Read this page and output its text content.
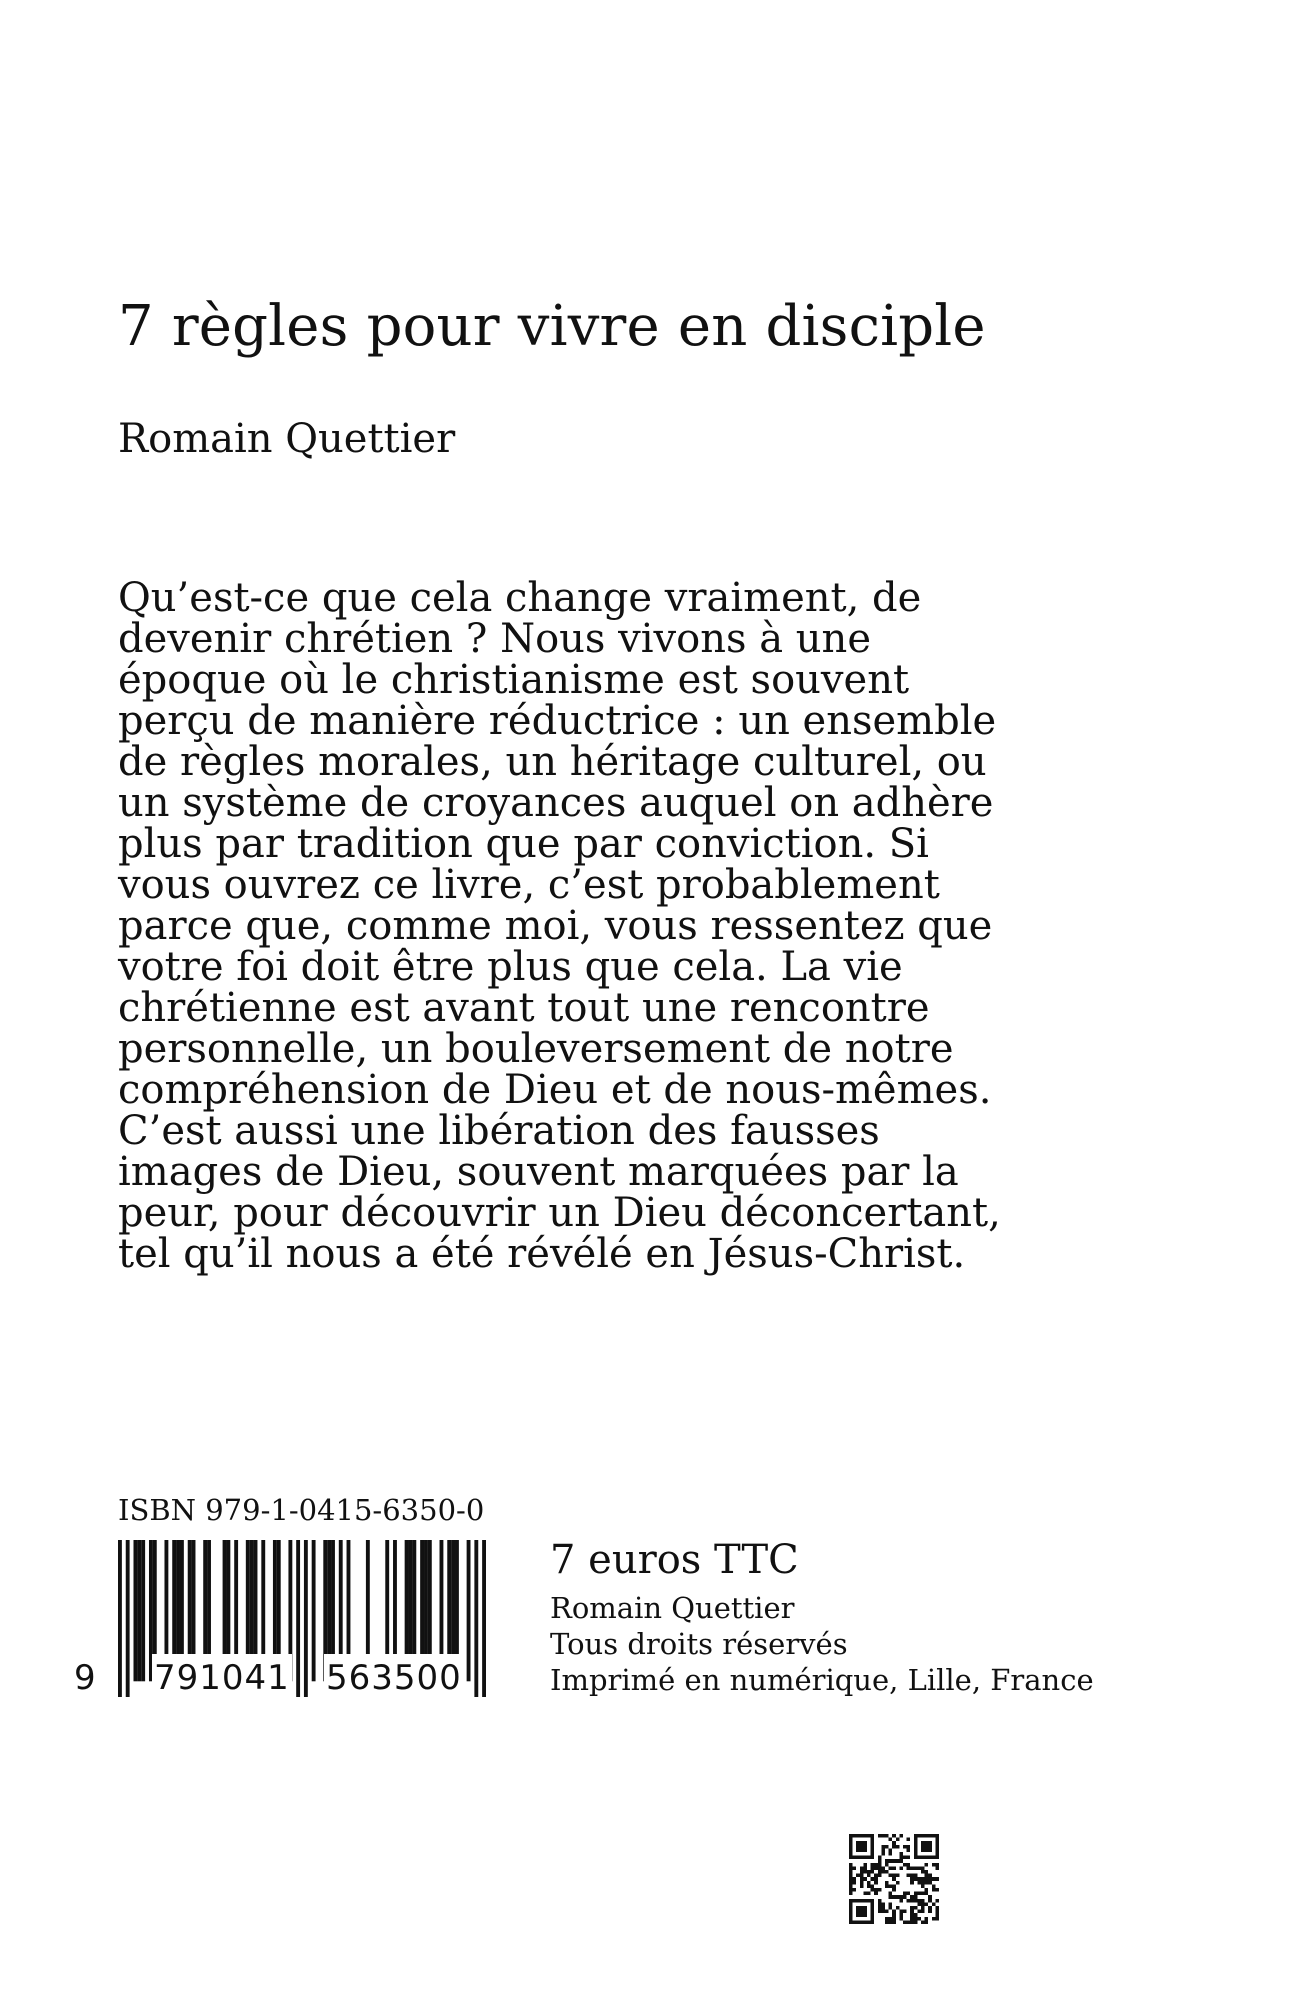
7 règles pour vivre en disciple

Romain Quettier

Qu’est-ce que cela change vraiment, de devenir chrétien ? Nous vivons à une époque où le christianisme est souvent perçu de manière réductrice : un ensemble de règles morales, un héritage culturel, ou un système de croyances auquel on adhère plus par tradition que par conviction. Si vous ouvrez ce livre, c’est probablement parce que, comme moi, vous ressentez que votre foi doit être plus que cela. La vie chrétienne est avant tout une rencontre personnelle, un bouleversement de notre compréhension de Dieu et de nous-mêmes. C’est aussi une libération des fausses images de Dieu, souvent marquées par la peur, pour découvrir un Dieu déconcertant, tel qu’il nous a été révélé en Jésus-Christ.

ISBN 979-1-0415-6350-0
9 791041 563500

7 euros TTC

Romain Quettier

Tous droits réservés

Imprimé en numérique, Lille, France
